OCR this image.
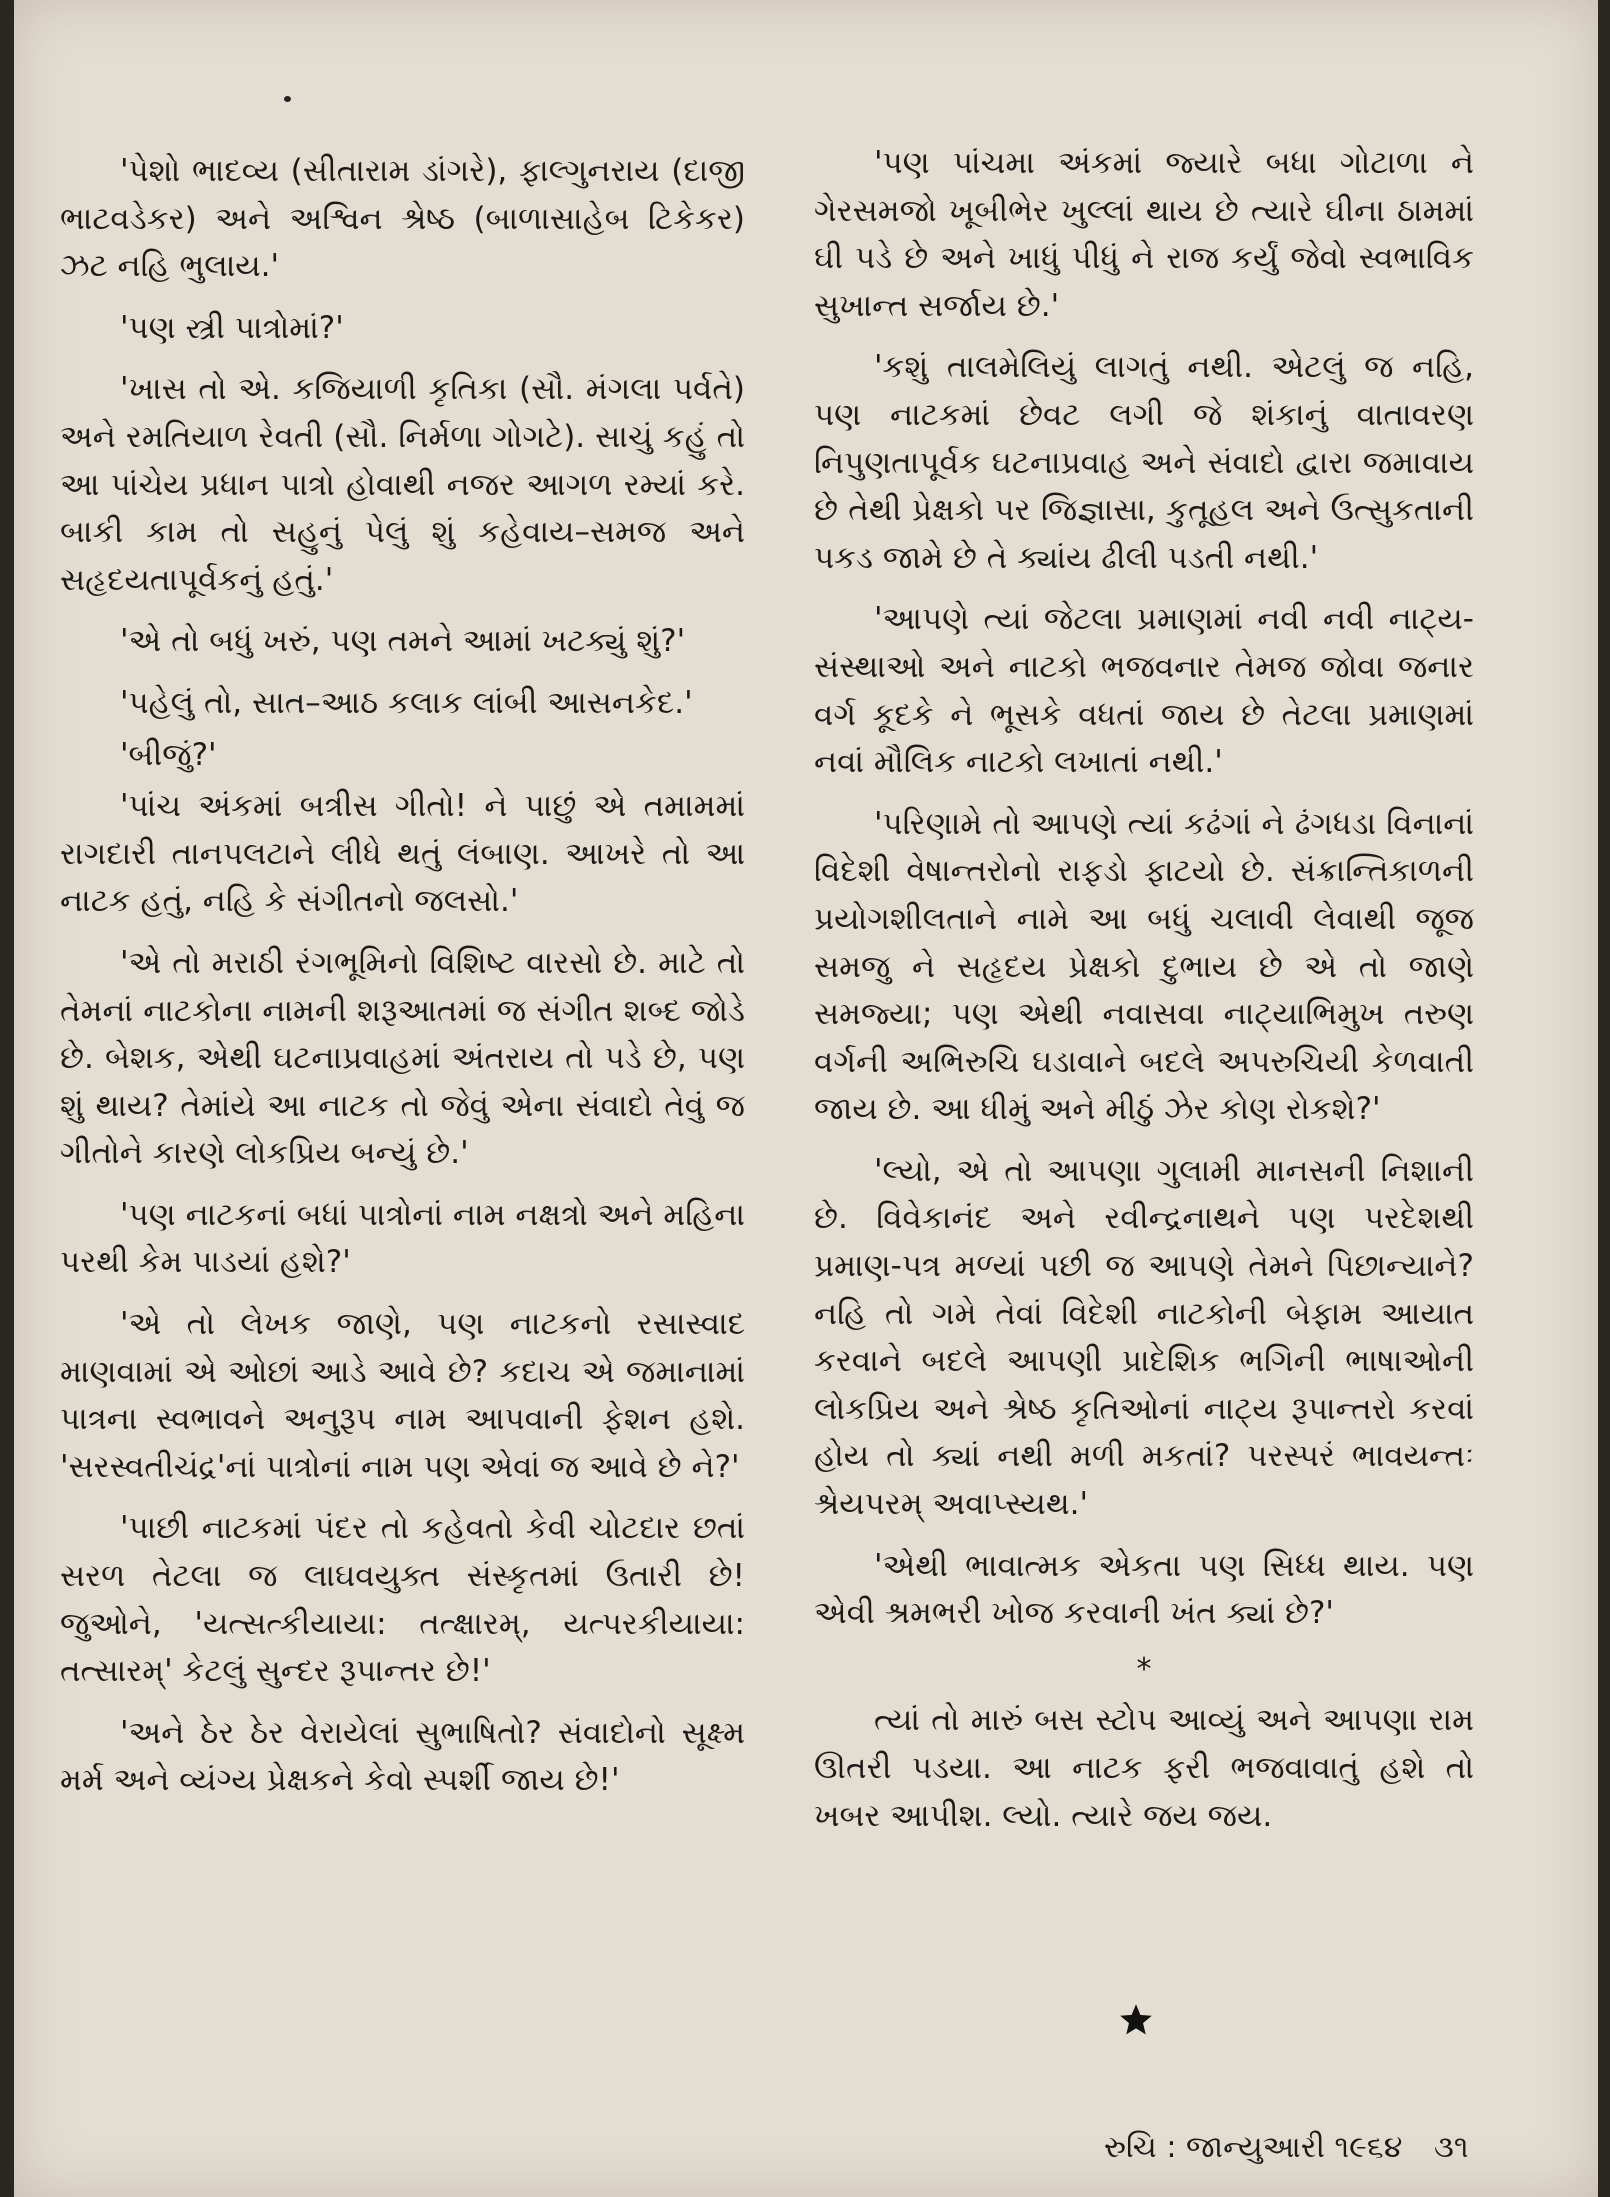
'પેશો ભાદવ્ય (સીતારામ ડાંગરે), ફાલ્ગુનરાય (દાજી ભાટવડેકર) અને અશ્વિન શ્રેષ્ઠ (બાળાસાહેબ ટિકેકર) ઝટ નહિ ભુલાય.'

'પણ સ્ત્રી પાત્રોમાં?'

'ખાસ તો એ. કજિયાળી કૃતિકા (સૌ. મંગલા પર્વતે) અને રમતિયાળ રેવતી (સૌ. નિર્મળા ગોગટે). સાચું કહું તો આ પાંચેય પ્રધાન પાત્રો હોવાથી નજર આગળ રમ્યાં કરે. બાકી કામ તો સહુનું પેલું શું કહેવાય–સમજ અને સહૃદયતાપૂર્વકનું હતું.'

'એ તો બધું ખરું, પણ તમને આમાં ખટક્યું શું?'

'પહેલું તો, સાત–આઠ કલાક લાંબી આસનકેદ.'

'બીજું?'

'પાંચ અંકમાં બત્રીસ ગીતો! ને પાછું એ તમામમાં રાગદારી તાનપલટાને લીધે થતું લંબાણ. આખરે તો આ નાટક હતું, નહિ કે સંગીતનો જલસો.'

'એ તો મરાઠી રંગભૂમિનો વિશિષ્ટ વારસો છે. માટે તો તેમનાં નાટકોના નામની શરૂઆતમાં જ સંગીત શબ્દ જોડે છે. બેશક, એથી ઘટનાપ્રવાહમાં અંતરાય તો પડે છે, પણ શું થાય? તેમાંયે આ નાટક તો જેવું એના સંવાદો તેવું જ ગીતોને કારણે લોકપ્રિય બન્યું છે.'

'પણ નાટકનાં બધાં પાત્રોનાં નામ નક્ષત્રો અને મહિના પરથી કેમ પાડયાં હશે?'

'એ તો લેખક જાણે, પણ નાટકનો રસાસ્વાદ માણવામાં એ ઓછાં આડે આવે છે? કદાચ એ જમાનામાં પાત્રના સ્વભાવને અનુરૂપ નામ આપવાની ફેશન હશે. 'સરસ્વતીચંદ્ર'નાં પાત્રોનાં નામ પણ એવાં જ આવે છે ને?'

'પાછી નાટકમાં પંદર તો કહેવતો કેવી ચોટદાર છતાં સરળ તેટલા જ લાઘવયુક્ત સંસ્કૃતમાં ઉતારી છે! જુઓને, 'યત્સત્કીયાયા: તત્ક્ષારમ્, યત્પરકીયાયા: તત્સારમ્' કેટલું સુન્દર રૂપાન્તર છે!'

'અને ઠેર ઠેર વેરાયેલાં સુભાષિતો? સંવાદોનો સૂક્ષ્મ મર્મ અને વ્યંગ્ય પ્રેક્ષકને કેવો સ્પર્શી જાય છે!'

'પણ પાંચમા અંકમાં જ્યારે બધા ગોટાળા ને ગેરસમજો ખૂબીભેર ખુલ્લાં થાય છે ત્યારે ઘીના ઠામમાં ઘી પડે છે અને ખાધું પીધું ને રાજ કર્યું જેવો સ્વભાવિક સુખાન્ત સર્જાય છે.'

'કશું તાલમેલિયું લાગતું નથી. એટલું જ નહિ, પણ નાટકમાં છેવટ લગી જે શંકાનું વાતાવરણ નિપુણતાપૂર્વક ઘટનાપ્રવાહ અને સંવાદો દ્વારા જમાવાય છે તેથી પ્રેક્ષકો પર જિજ્ઞાસા, કુતૂહલ અને ઉત્સુકતાની પકડ જામે છે તે ક્યાંય ઢીલી પડતી નથી.'

'આપણે ત્યાં જેટલા પ્રમાણમાં નવી નવી નાટ્ય-સંસ્થાઓ અને નાટકો ભજવનાર તેમજ જોવા જનાર વર્ગ કૂદકે ને ભૂસકે વધતાં જાય છે તેટલા પ્રમાણમાં નવાં મૌલિક નાટકો લખાતાં નથી.'

'પરિણામે તો આપણે ત્યાં કઢંગાં ને ઢંગધડા વિનાનાં વિદેશી વેષાન્તરોનો રાફડો ફાટયો છે. સંક્રાન્તિકાળની પ્રયોગશીલતાને નામે આ બધું ચલાવી લેવાથી જૂજ સમજુ ને સહૃદય પ્રેક્ષકો દુભાય છે એ તો જાણે સમજ્યા; પણ એથી નવાસવા નાટ્યાભિમુખ તરુણ વર્ગની અભિરુચિ ઘડાવાને બદલે અપરુચિયી કેળવાતી જાય છે. આ ધીમું અને મીઠું ઝેર કોણ રોકશે?'

'લ્યો, એ તો આપણા ગુલામી માનસની નિશાની છે. વિવેકાનંદ અને રવીન્દ્રનાથને પણ પરદેશથી પ્રમાણ-પત્ર મળ્યાં પછી જ આપણે તેમને પિછાન્યાને? નહિ તો ગમે તેવાં વિદેશી નાટકોની બેફામ આયાત કરવાને બદલે આપણી પ્રાદેશિક ભગિની ભાષાઓની લોકપ્રિય અને શ્રેષ્ઠ કૃતિઓનાં નાટ્ય રૂપાન્તરો કરવાં હોય તો ક્યાં નથી મળી મકતાં? પરસ્પરં ભાવયન્તઃ શ્રેયપરમ્ અવાપ્સ્યથ.'

'એથી ભાવાત્મક એકતા પણ સિધ્ધ થાય. પણ એવી શ્રમભરી ખોજ કરવાની ખંત ક્યાં છે?'

*

ત્યાં તો મારું બસ સ્ટોપ આવ્યું અને આપણા રામ ઊતરી પડયા. આ નાટક ફરી ભજવાવાતું હશે તો ખબર આપીશ. લ્યો. ત્યારે જય જય.

રુચિ : જાન્યુઆરી ૧૯૬૪ ૩૧
